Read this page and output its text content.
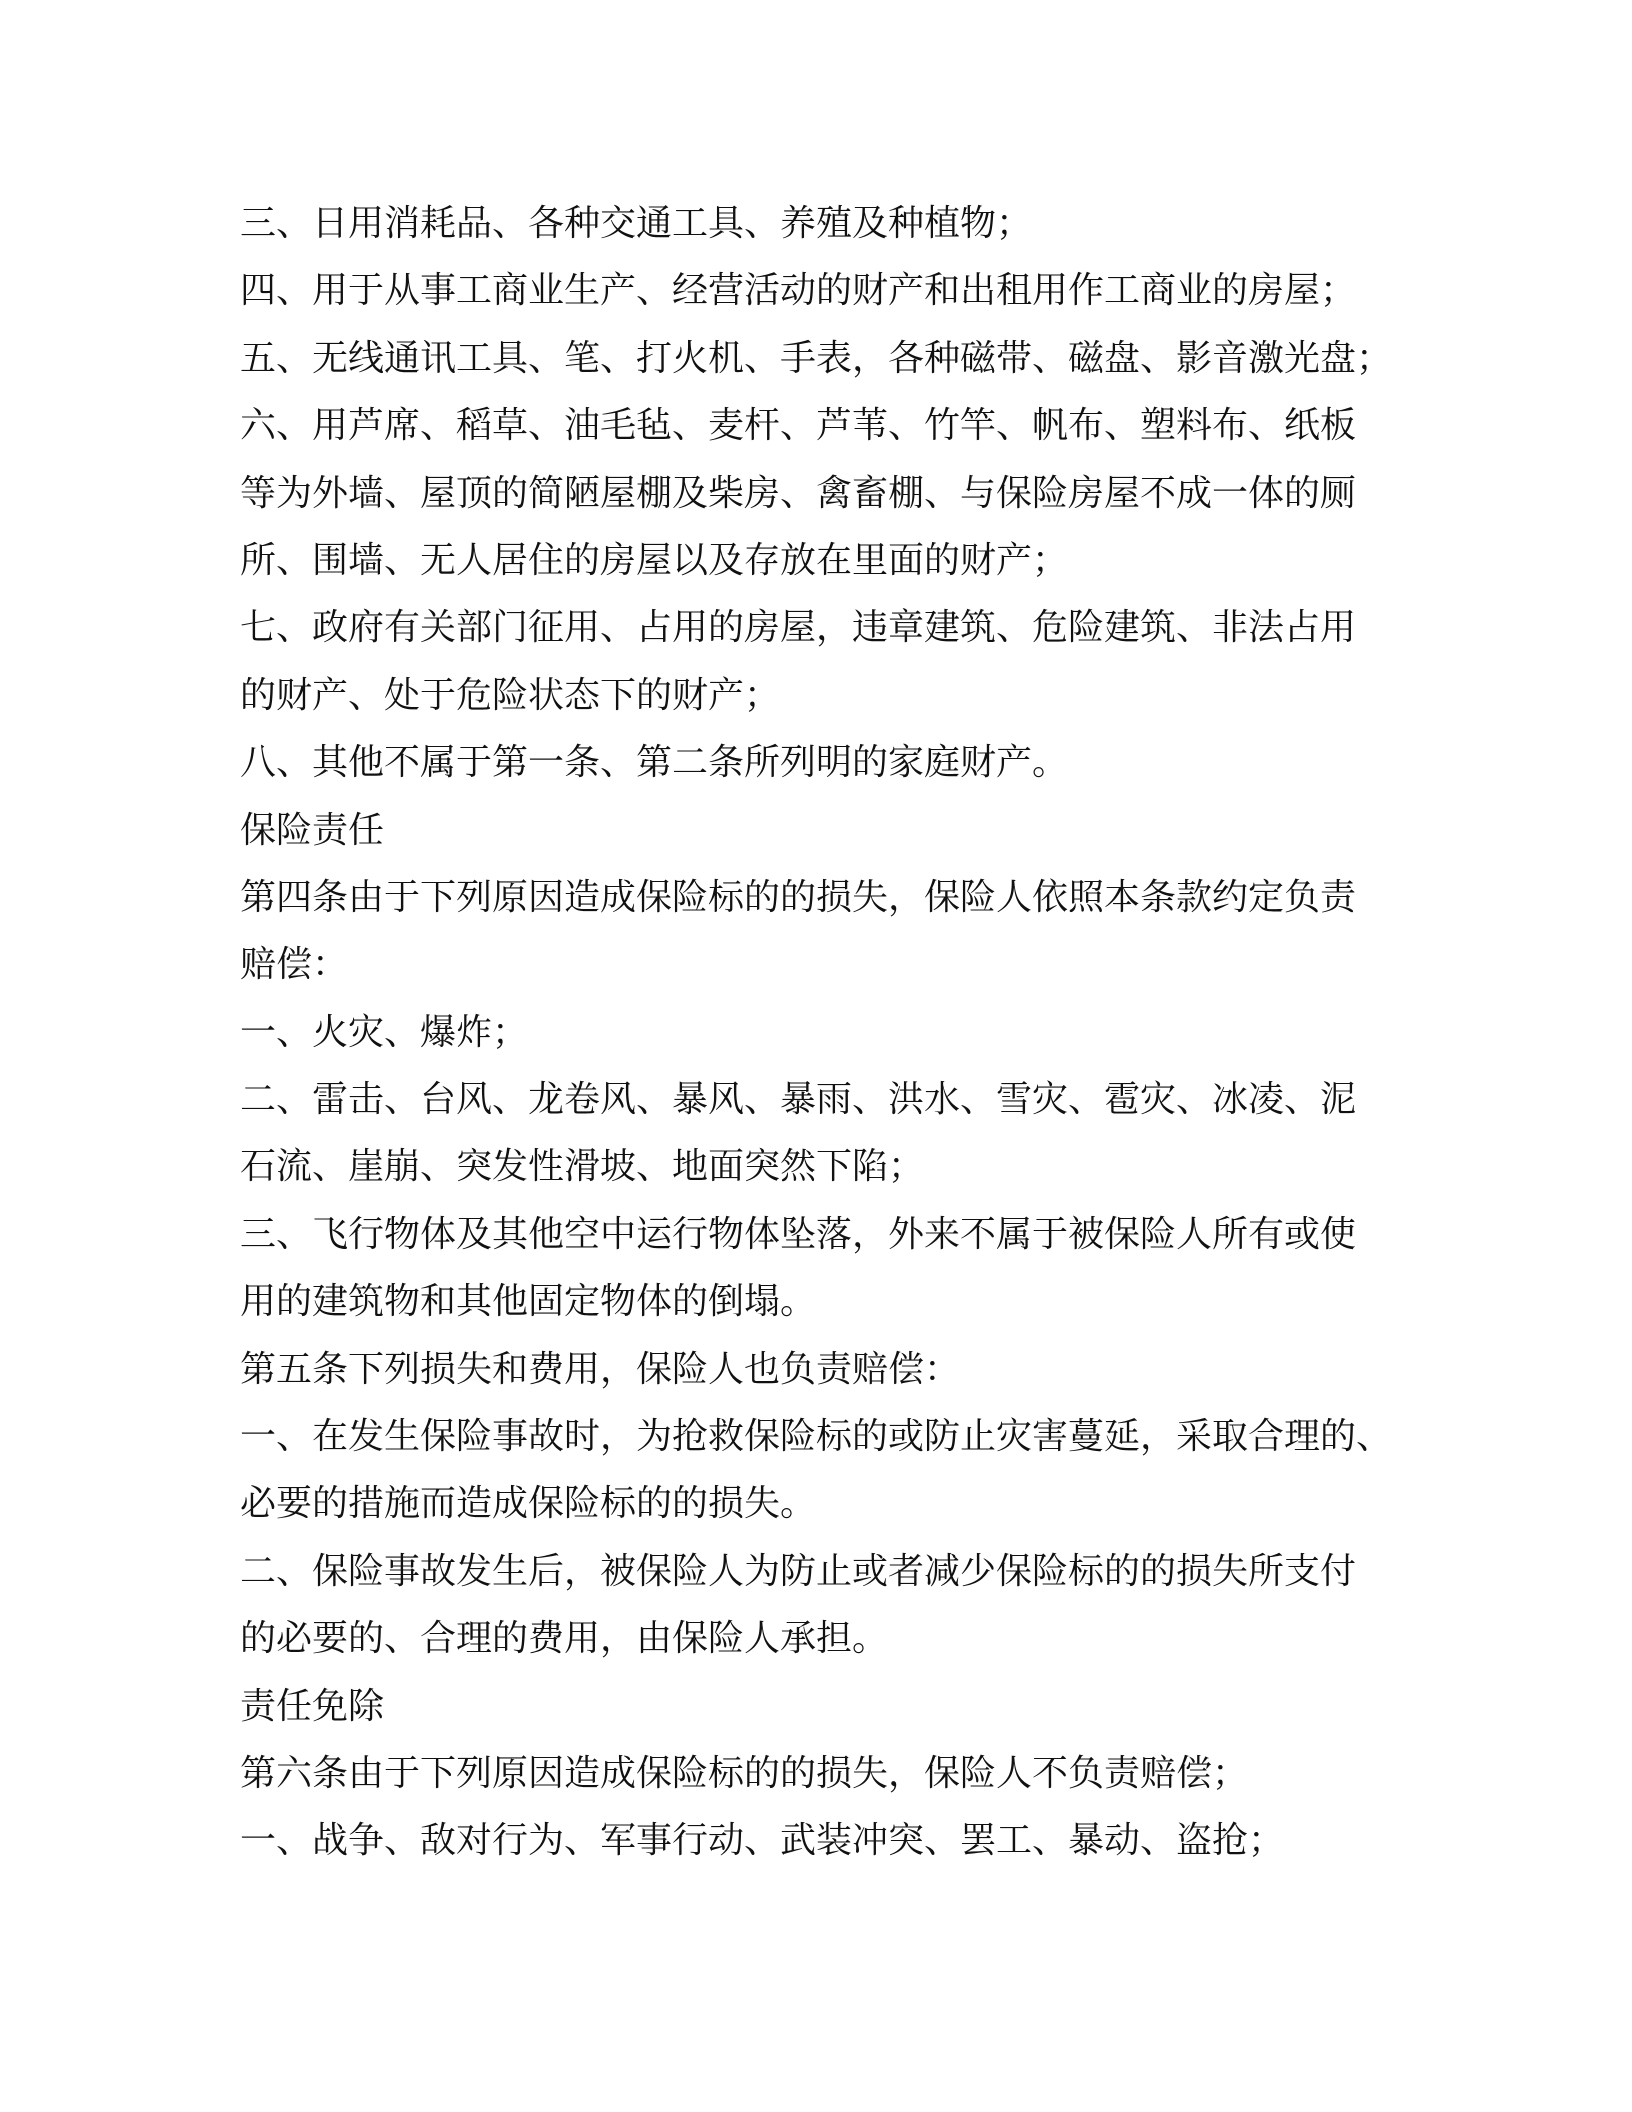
三、日用消耗品、各种交通工具、养殖及种植物；

四、用于从事工商业生产、经营活动的财产和出租用作工商业的房屋；

五、无线通讯工具、笔、打火机、手表，各种磁带、磁盘、影音激光盘；

六、用芦席、稻草、油毛毡、麦杆、芦苇、竹竿、帆布、塑料布、纸板

等为外墙、屋顶的简陋屋棚及柴房、禽畜棚、与保险房屋不成一体的厕

所、围墙、无人居住的房屋以及存放在里面的财产；

七、政府有关部门征用、占用的房屋，违章建筑、危险建筑、非法占用

的财产、处于危险状态下的财产；

八、其他不属于第一条、第二条所列明的家庭财产。

保险责任

第四条由于下列原因造成保险标的的损失，保险人依照本条款约定负责

赔偿：

一、火灾、爆炸；

二、雷击、台风、龙卷风、暴风、暴雨、洪水、雪灾、雹灾、冰凌、泥

石流、崖崩、突发性滑坡、地面突然下陷；

三、飞行物体及其他空中运行物体坠落，外来不属于被保险人所有或使

用的建筑物和其他固定物体的倒塌。

第五条下列损失和费用，保险人也负责赔偿：

一、在发生保险事故时，为抢救保险标的或防止灾害蔓延，采取合理的、

必要的措施而造成保险标的的损失。

二、保险事故发生后，被保险人为防止或者减少保险标的的损失所支付

的必要的、合理的费用，由保险人承担。

责任免除

第六条由于下列原因造成保险标的的损失，保险人不负责赔偿；

一、战争、敌对行为、军事行动、武装冲突、罢工、暴动、盗抢；
